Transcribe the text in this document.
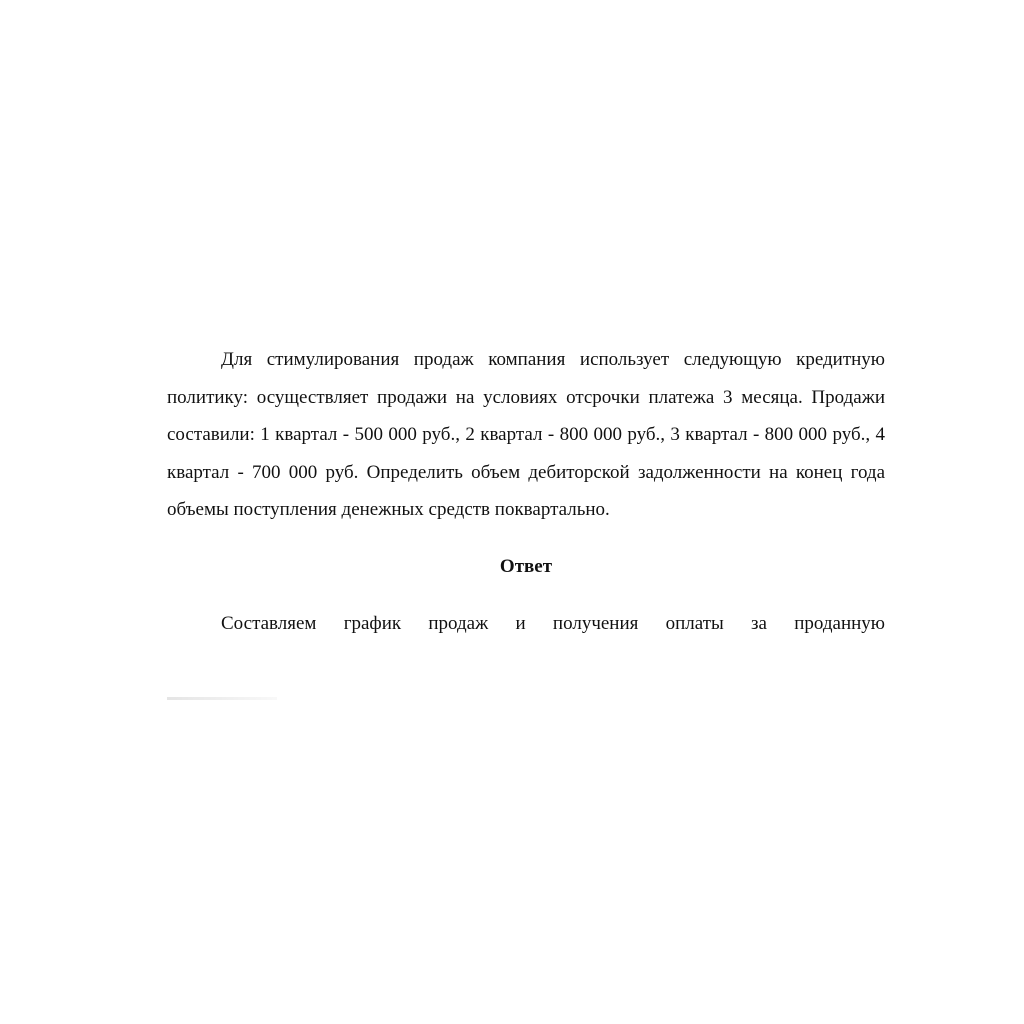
Для стимулирования продаж компания использует следующую кредитную политику: осуществляет продажи на условиях отсрочки платежа 3 месяца. Продажи составили: 1 квартал - 500 000 руб., 2 квартал - 800 000 руб., 3 квартал - 800 000 руб., 4 квартал - 700 000 руб. Определить объем дебиторской задолженности на конец года объемы поступления денежных средств поквартально.

Ответ

Составляем график продаж и получения оплаты за проданную
